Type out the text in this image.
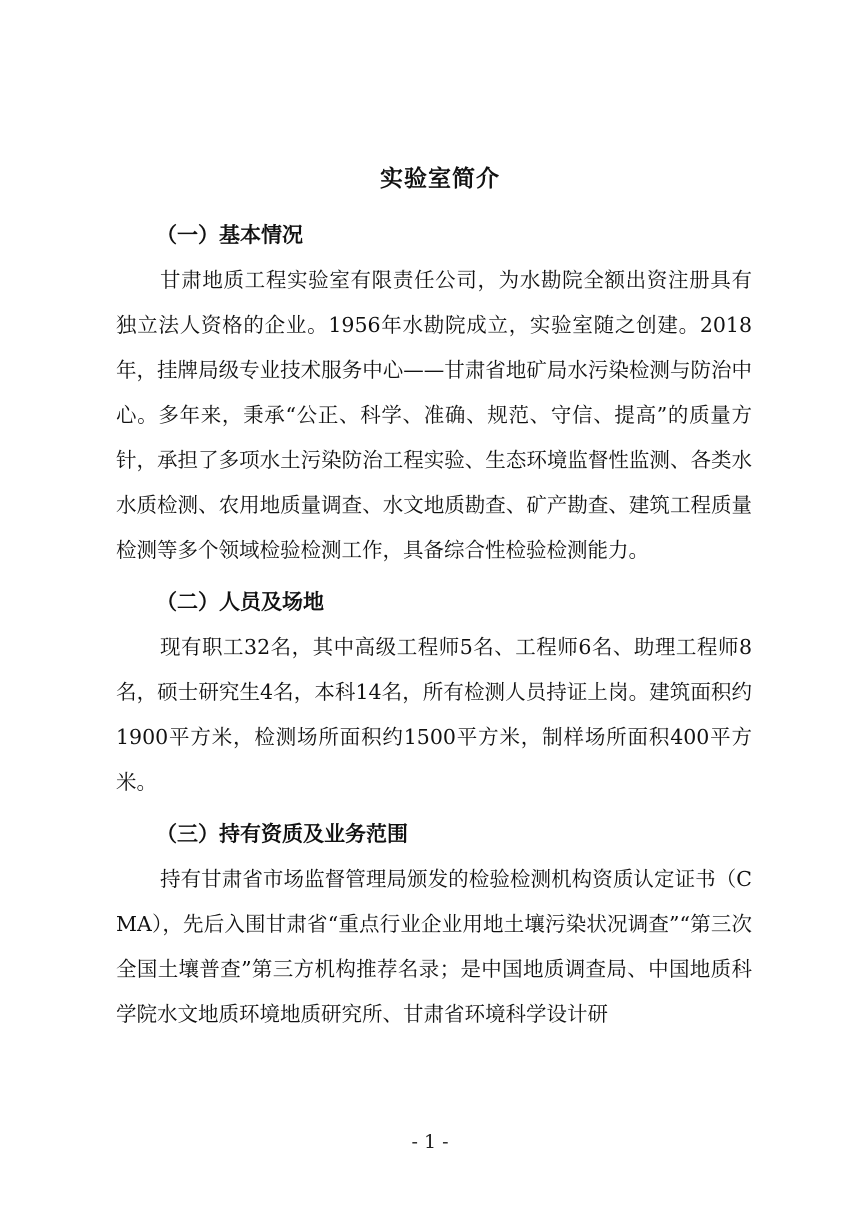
实验室简介
（一）基本情况

甘肃地质工程实验室有限责任公司，为水勘院全额出资注册具有独立法人资格的企业。1956年水勘院成立，实验室随之创建。2018年，挂牌局级专业技术服务中心——甘肃省地矿局水污染检测与防治中心。多年来，秉承“公正、科学、准确、规范、守信、提高”的质量方针，承担了多项水土污染防治工程实验、生态环境监督性监测、各类水水质检测、农用地质量调查、水文地质勘查、矿产勘查、建筑工程质量检测等多个领域检验检测工作，具备综合性检验检测能力。

（二）人员及场地

现有职工32名，其中高级工程师5名、工程师6名、助理工程师8名，硕士研究生4名，本科14名，所有检测人员持证上岗。建筑面积约1900平方米，检测场所面积约1500平方米，制样场所面积400平方米。

（三）持有资质及业务范围

持有甘肃省市场监督管理局颁发的检验检测机构资质认定证书（CMA），先后入围甘肃省“重点行业企业用地土壤污染状况调查”“第三次全国土壤普查”第三方机构推荐名录；是中国地质调查局、中国地质科学院水文地质环境地质研究所、甘肃省环境科学设计研

- 1 -
